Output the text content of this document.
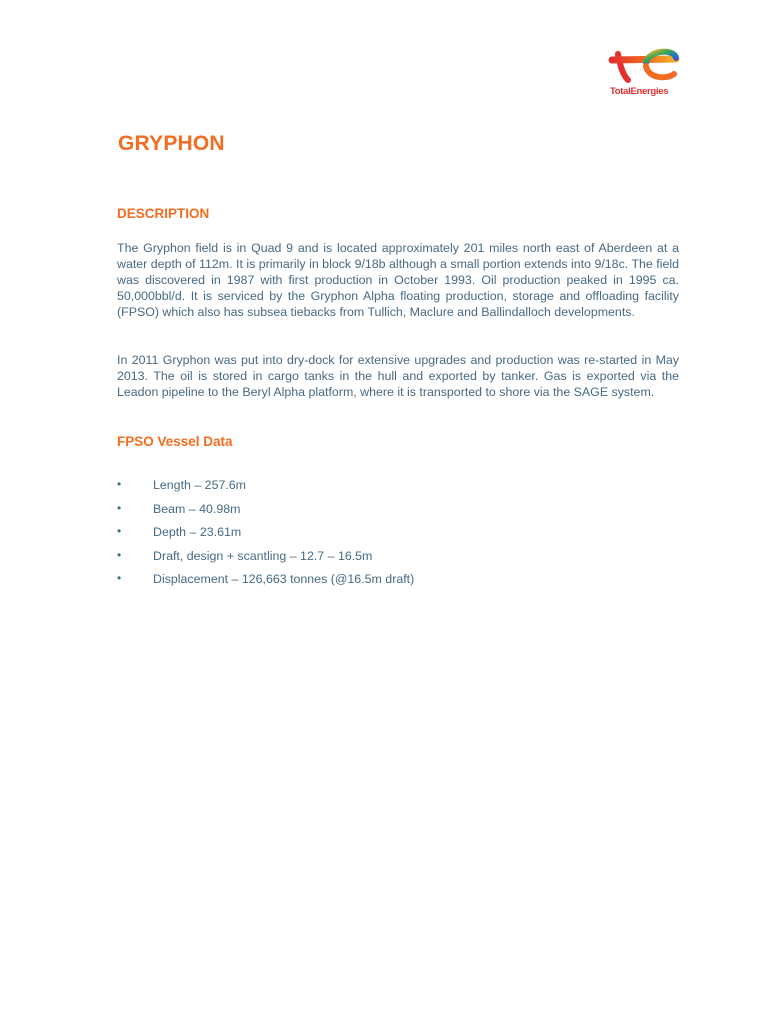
TotalEnergies
GRYPHON
DESCRIPTION

The Gryphon field is in Quad 9 and is located approximately 201 miles north east of Aberdeen at a water depth of 112m. It is primarily in block 9/18b although a small portion extends into 9/18c. The field was discovered in 1987 with first production in October 1993. Oil production peaked in 1995 ca. 50,000bbl/d. It is serviced by the Gryphon Alpha floating production, storage and offloading facility (FPSO) which also has subsea tiebacks from Tullich, Maclure and Ballindalloch developments.

In 2011 Gryphon was put into dry-dock for extensive upgrades and production was re-started in May 2013. The oil is stored in cargo tanks in the hull and exported by tanker. Gas is exported via the Leadon pipeline to the Beryl Alpha platform, where it is transported to shore via the SAGE system.

FPSO Vessel Data
•	Length – 257.6m
•	Beam – 40.98m
•	Depth – 23.61m
•	Draft, design + scantling – 12.7 – 16.5m
•	Displacement – 126,663 tonnes (@16.5m draft)
